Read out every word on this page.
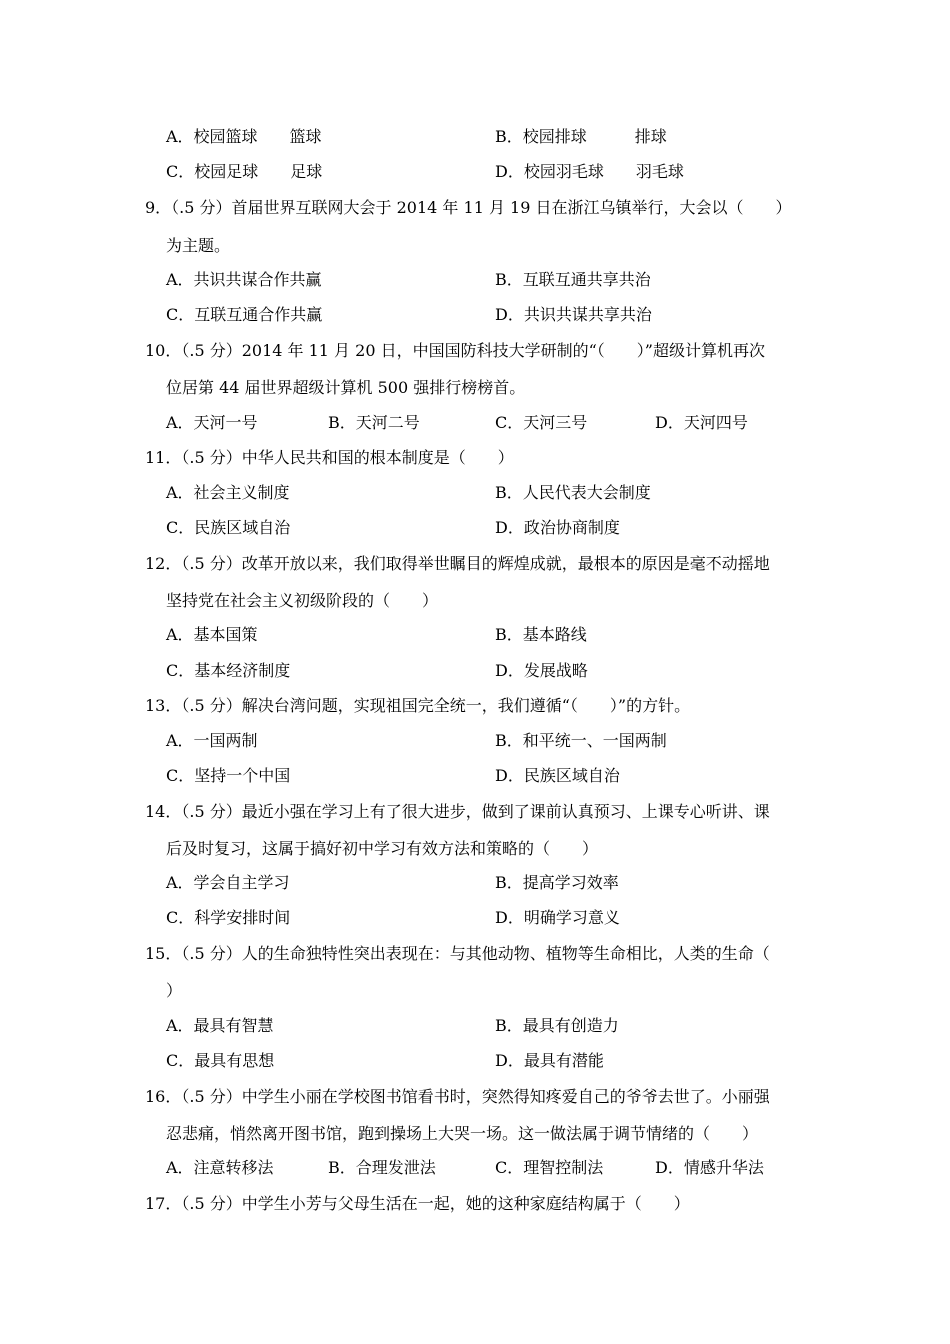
A．校园篮球　　篮球	B．校园排球　　　排球
C．校园足球　　足球	D．校园羽毛球　　羽毛球
9．（.5 分）首届世界互联网大会于 2014 年 11 月 19 日在浙江乌镇举行，大会以（　　）
为主题。
A．共识共谋合作共赢	B．互联互通共享共治
C．互联互通合作共赢	D．共识共谋共享共治
10．（.5 分）2014 年 11 月 20 日，中国国防科技大学研制的“（　　）”超级计算机再次
位居第 44 届世界超级计算机 500 强排行榜榜首。
A．天河一号	B．天河二号	C．天河三号	D．天河四号
11．（.5 分）中华人民共和国的根本制度是（　　）
A．社会主义制度	B．人民代表大会制度
C．民族区域自治	D．政治协商制度
12．（.5 分）改革开放以来，我们取得举世瞩目的辉煌成就，最根本的原因是毫不动摇地
坚持党在社会主义初级阶段的（　　）
A．基本国策	B．基本路线
C．基本经济制度	D．发展战略
13．（.5 分）解决台湾问题，实现祖国完全统一，我们遵循“（　　）”的方针。
A．一国两制	B．和平统一、一国两制
C．坚持一个中国	D．民族区域自治
14．（.5 分）最近小强在学习上有了很大进步，做到了课前认真预习、上课专心听讲、课
后及时复习，这属于搞好初中学习有效方法和策略的（　　）
A．学会自主学习	B．提高学习效率
C．科学安排时间	D．明确学习意义
15．（.5 分）人的生命独特性突出表现在：与其他动物、植物等生命相比，人类的生命（
）
A．最具有智慧	B．最具有创造力
C．最具有思想	D．最具有潜能
16．（.5 分）中学生小丽在学校图书馆看书时，突然得知疼爱自己的爷爷去世了。小丽强
忍悲痛，悄然离开图书馆，跑到操场上大哭一场。这一做法属于调节情绪的（　　）
A．注意转移法	B．合理发泄法	C．理智控制法	D．情感升华法
17．（.5 分）中学生小芳与父母生活在一起，她的这种家庭结构属于（　　）
